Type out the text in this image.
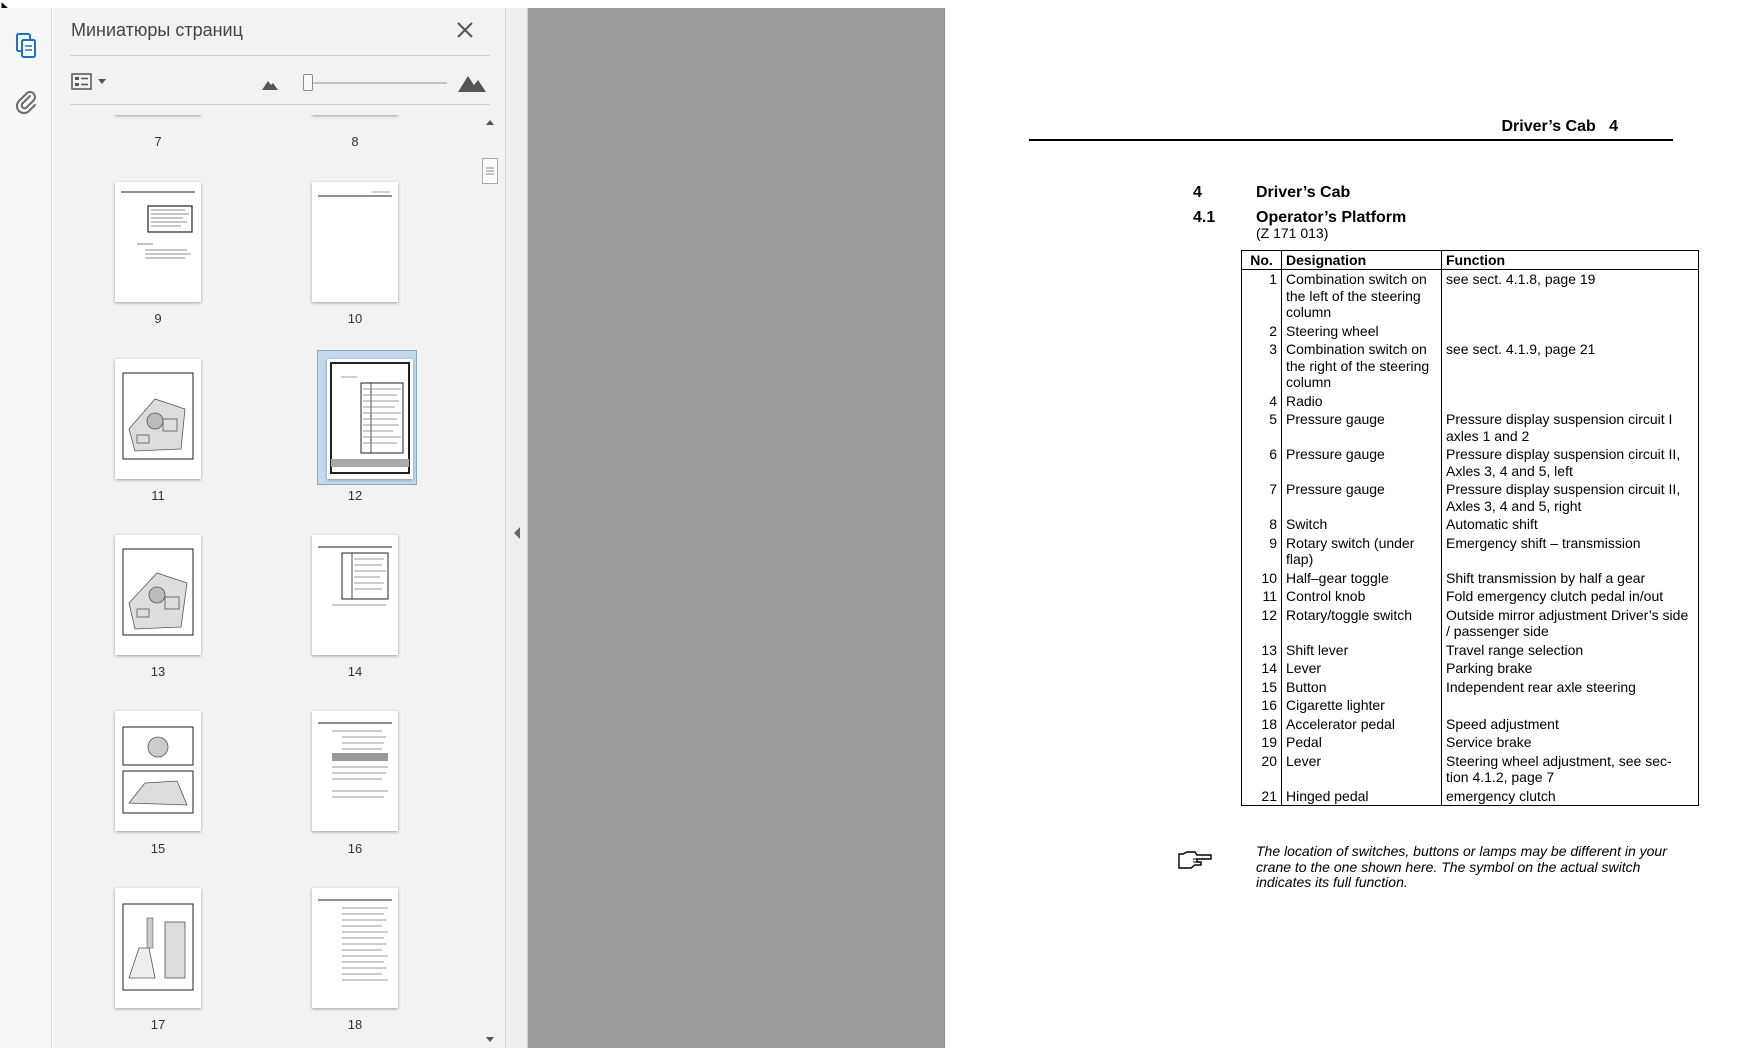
Миниатюры страниц
7	8
9	10
11	12
13	14
15	16
17	18
Driver’s Cab   4
4	Driver’s Cab
4.1	Operator’s Platform
(Z 171 013)
No.	Designation	Function
1	Combination switch on the left of the steering column	see sect. 4.1.8, page 19
2	Steering wheel	
3	Combination switch on the right of the steering column	see sect. 4.1.9, page 21
4	Radio	
5	Pressure gauge	Pressure display suspension circuit I axles 1 and 2
6	Pressure gauge	Pressure display suspension circuit II, Axles 3, 4 and 5, left
7	Pressure gauge	Pressure display suspension circuit II, Axles 3, 4 and 5, right
8	Switch	Automatic shift
9	Rotary switch (under flap)	Emergency shift – transmission
10	Half–gear toggle	Shift transmission by half a gear
11	Control knob	Fold emergency clutch pedal in/out
12	Rotary/toggle switch	Outside mirror adjustment Driver’s side / passenger side
13	Shift lever	Travel range selection
14	Lever	Parking brake
15	Button	Independent rear axle steering
16	Cigarette lighter	
18	Accelerator pedal	Speed adjustment
19	Pedal	Service brake
20	Lever	Steering wheel adjustment, see sec-tion 4.1.2, page 7
21	Hinged pedal	emergency clutch
The location of switches, buttons or lamps may be different in your crane to the one shown here. The symbol on the actual switch indicates its full function.
